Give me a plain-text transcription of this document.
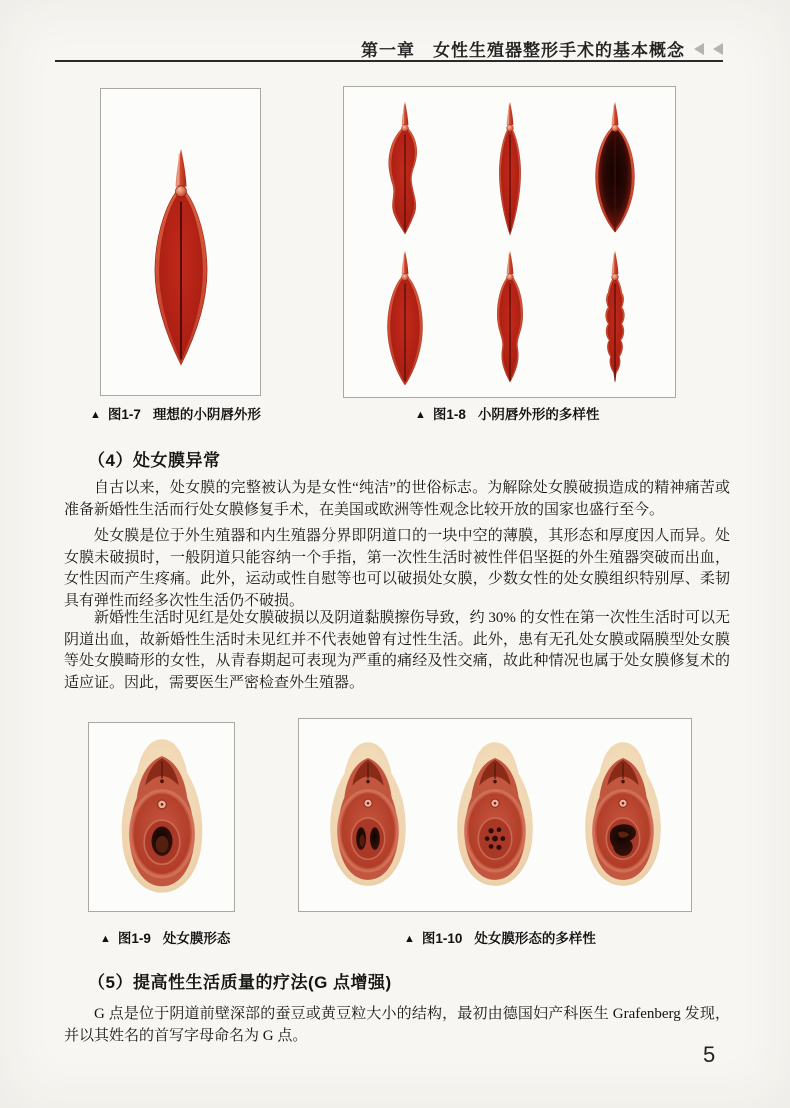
第一章　女性生殖器整形手术的基本概念
▲ 图1-7 理想的小阴唇外形	▲ 图1-8 小阴唇外形的多样性
（4）处女膜异常

自古以来，处女膜的完整被认为是女性“纯洁”的世俗标志。为解除处女膜破损造成的精神痛苦或准备新婚性生活而行处女膜修复手术，在美国或欧洲等性观念比较开放的国家也盛行至今。

处女膜是位于外生殖器和内生殖器分界即阴道口的一块中空的薄膜，其形态和厚度因人而异。处女膜未破损时，一般阴道只能容纳一个手指，第一次性生活时被性伴侣坚挺的外生殖器突破而出血，女性因而产生疼痛。此外，运动或性自慰等也可以破损处女膜，少数女性的处女膜组织特别厚、柔韧具有弹性而经多次性生活仍不破损。

新婚性生活时见红是处女膜破损以及阴道黏膜擦伤导致，约 30% 的女性在第一次性生活时可以无阴道出血，故新婚性生活时未见红并不代表她曾有过性生活。此外，患有无孔处女膜或隔膜型处女膜等处女膜畸形的女性，从青春期起可表现为严重的痛经及性交痛，故此种情况也属于处女膜修复术的适应证。因此，需要医生严密检查外生殖器。

▲ 图1-9 处女膜形态	▲ 图1-10 处女膜形态的多样性
（5）提高性生活质量的疗法(G 点增强)

G 点是位于阴道前壁深部的蚕豆或黄豆粒大小的结构，最初由德国妇产科医生 Grafenberg 发现，并以其姓名的首写字母命名为 G 点。

5
